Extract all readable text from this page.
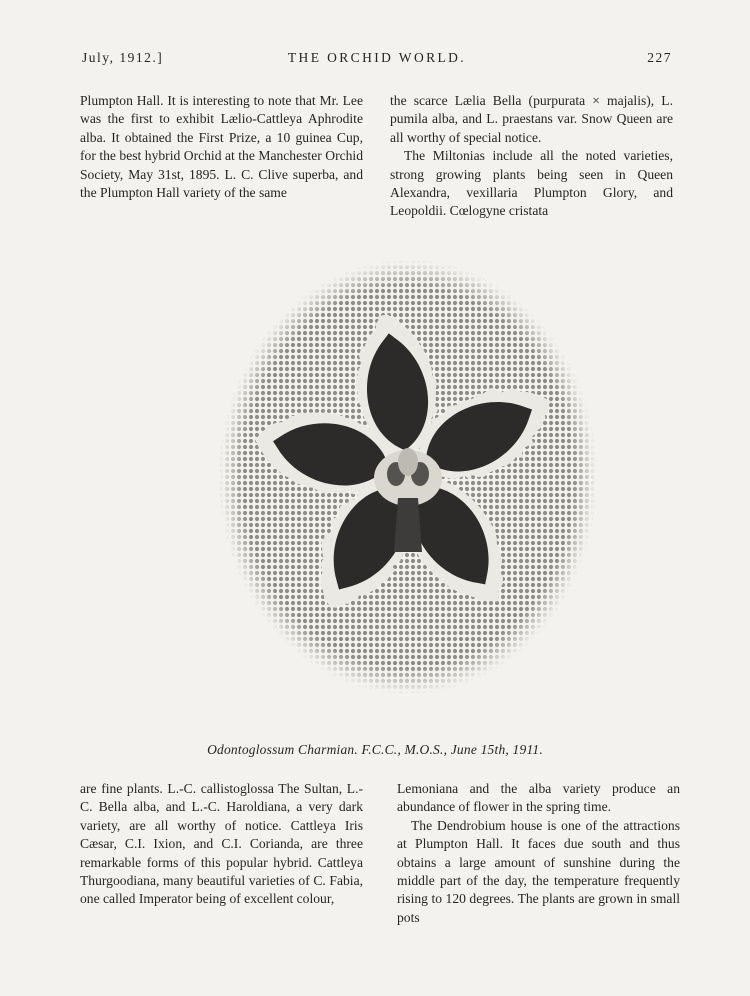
July, 1912.]	THE ORCHID WORLD.	227

Plumpton Hall. It is interesting to note that Mr. Lee was the first to exhibit Lælio-Cattleya Aphrodite alba. It obtained the First Prize, a 10 guinea Cup, for the best hybrid Orchid at the Manchester Orchid Society, May 31st, 1895. L. C. Clive superba, and the Plumpton Hall variety of the same

the scarce Lælia Bella (purpurata × majalis), L. pumila alba, and L. praestans var. Snow Queen are all worthy of special notice.

The Miltonias include all the noted varieties, strong growing plants being seen in Queen Alexandra, vexillaria Plumpton Glory, and Leopoldii. Cœlogyne cristata

Odontoglossum Charmian. F.C.C., M.O.S., June 15th, 1911.

are fine plants. L.-C. callistoglossa The Sultan, L.-C. Bella alba, and L.-C. Haroldiana, a very dark variety, are all worthy of notice. Cattleya Iris Cæsar, C.I. Ixion, and C.I. Corianda, are three remarkable forms of this popular hybrid. Cattleya Thurgoodiana, many beautiful varieties of C. Fabia, one called Imperator being of excellent colour,

Lemoniana and the alba variety produce an abundance of flower in the spring time.

The Dendrobium house is one of the attractions at Plumpton Hall. It faces due south and thus obtains a large amount of sunshine during the middle part of the day, the temperature frequently rising to 120 degrees. The plants are grown in small pots
